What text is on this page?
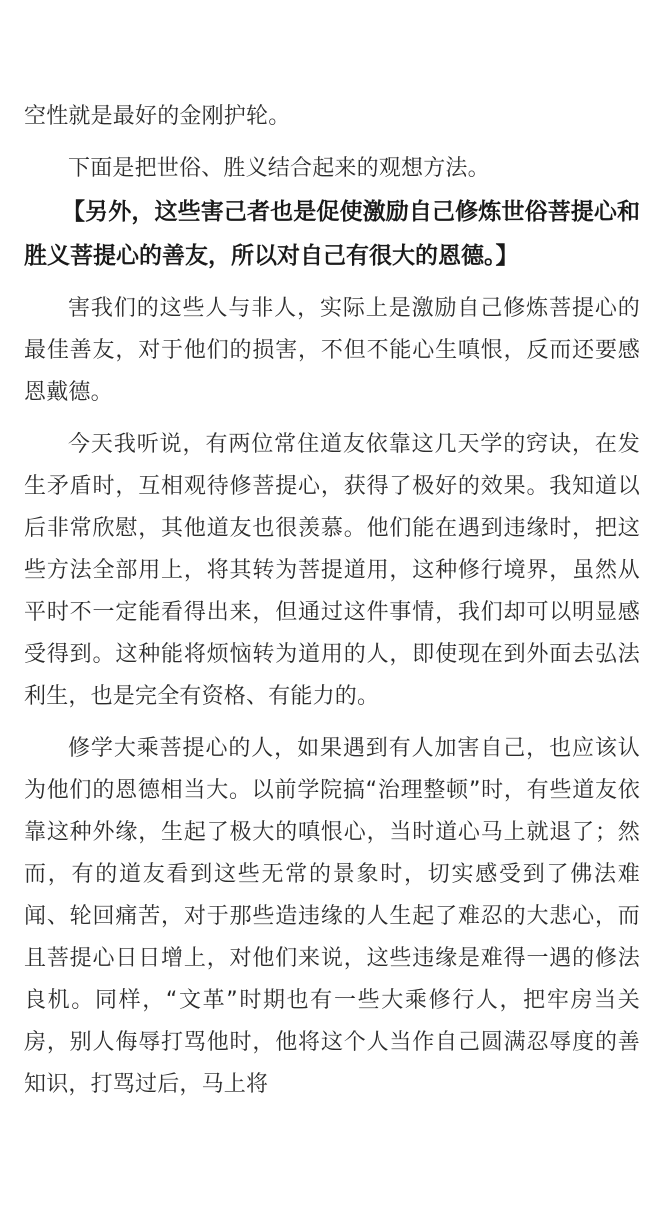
空性就是最好的金刚护轮。

下面是把世俗、胜义结合起来的观想方法。

【另外，这些害己者也是促使激励自己修炼世俗菩提心和胜义菩提心的善友，所以对自己有很大的恩德。】

害我们的这些人与非人，实际上是激励自己修炼菩提心的最佳善友，对于他们的损害，不但不能心生嗔恨，反而还要感恩戴德。

今天我听说，有两位常住道友依靠这几天学的窍诀，在发生矛盾时，互相观待修菩提心，获得了极好的效果。我知道以后非常欣慰，其他道友也很羡慕。他们能在遇到违缘时，把这些方法全部用上，将其转为菩提道用，这种修行境界，虽然从平时不一定能看得出来，但通过这件事情，我们却可以明显感受得到。这种能将烦恼转为道用的人，即使现在到外面去弘法利生，也是完全有资格、有能力的。

修学大乘菩提心的人，如果遇到有人加害自己，也应该认为他们的恩德相当大。以前学院搞“治理整顿”时，有些道友依靠这种外缘，生起了极大的嗔恨心，当时道心马上就退了；然而，有的道友看到这些无常的景象时，切实感受到了佛法难闻、轮回痛苦，对于那些造违缘的人生起了难忍的大悲心，而且菩提心日日增上，对他们来说，这些违缘是难得一遇的修法良机。同样，“文革”时期也有一些大乘修行人，把牢房当关房，别人侮辱打骂他时，他将这个人当作自己圆满忍辱度的善知识，打骂过后，马上将
